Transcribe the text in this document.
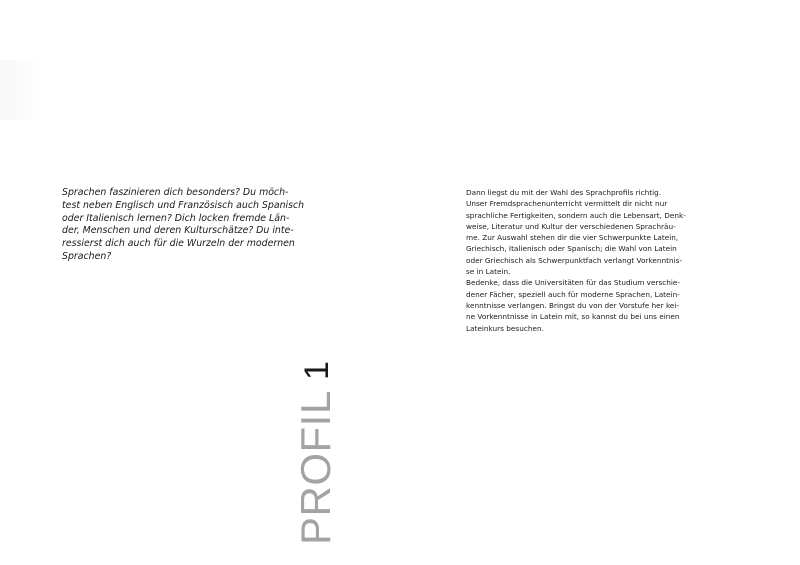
Sprachen faszinieren dich besonders? Du möch-
test neben Englisch und Französisch auch Spanisch
oder Italienisch lernen? Dich locken fremde Län-
der, Menschen und deren Kulturschätze? Du inte-
ressierst dich auch für die Wurzeln der modernen
Sprachen?

Dann liegst du mit der Wahl des Sprachprofils richtig.
Unser Fremdsprachenunterricht vermittelt dir nicht nur
sprachliche Fertigkeiten, sondern auch die Lebensart, Denk-
weise, Literatur und Kultur der verschiedenen Sprachräu-
me. Zur Auswahl stehen dir die vier Schwerpunkte Latein,
Griechisch, Italienisch oder Spanisch; die Wahl von Latein
oder Griechisch als Schwerpunktfach verlangt Vorkenntnis-
se in Latein.
Bedenke, dass die Universitäten für das Studium verschie-
dener Fächer, speziell auch für moderne Sprachen, Latein-
kenntnisse verlangen. Bringst du von der Vorstufe her kei-
ne Vorkenntnisse in Latein mit, so kannst du bei uns einen
Lateinkurs besuchen.

PROFIL
1
